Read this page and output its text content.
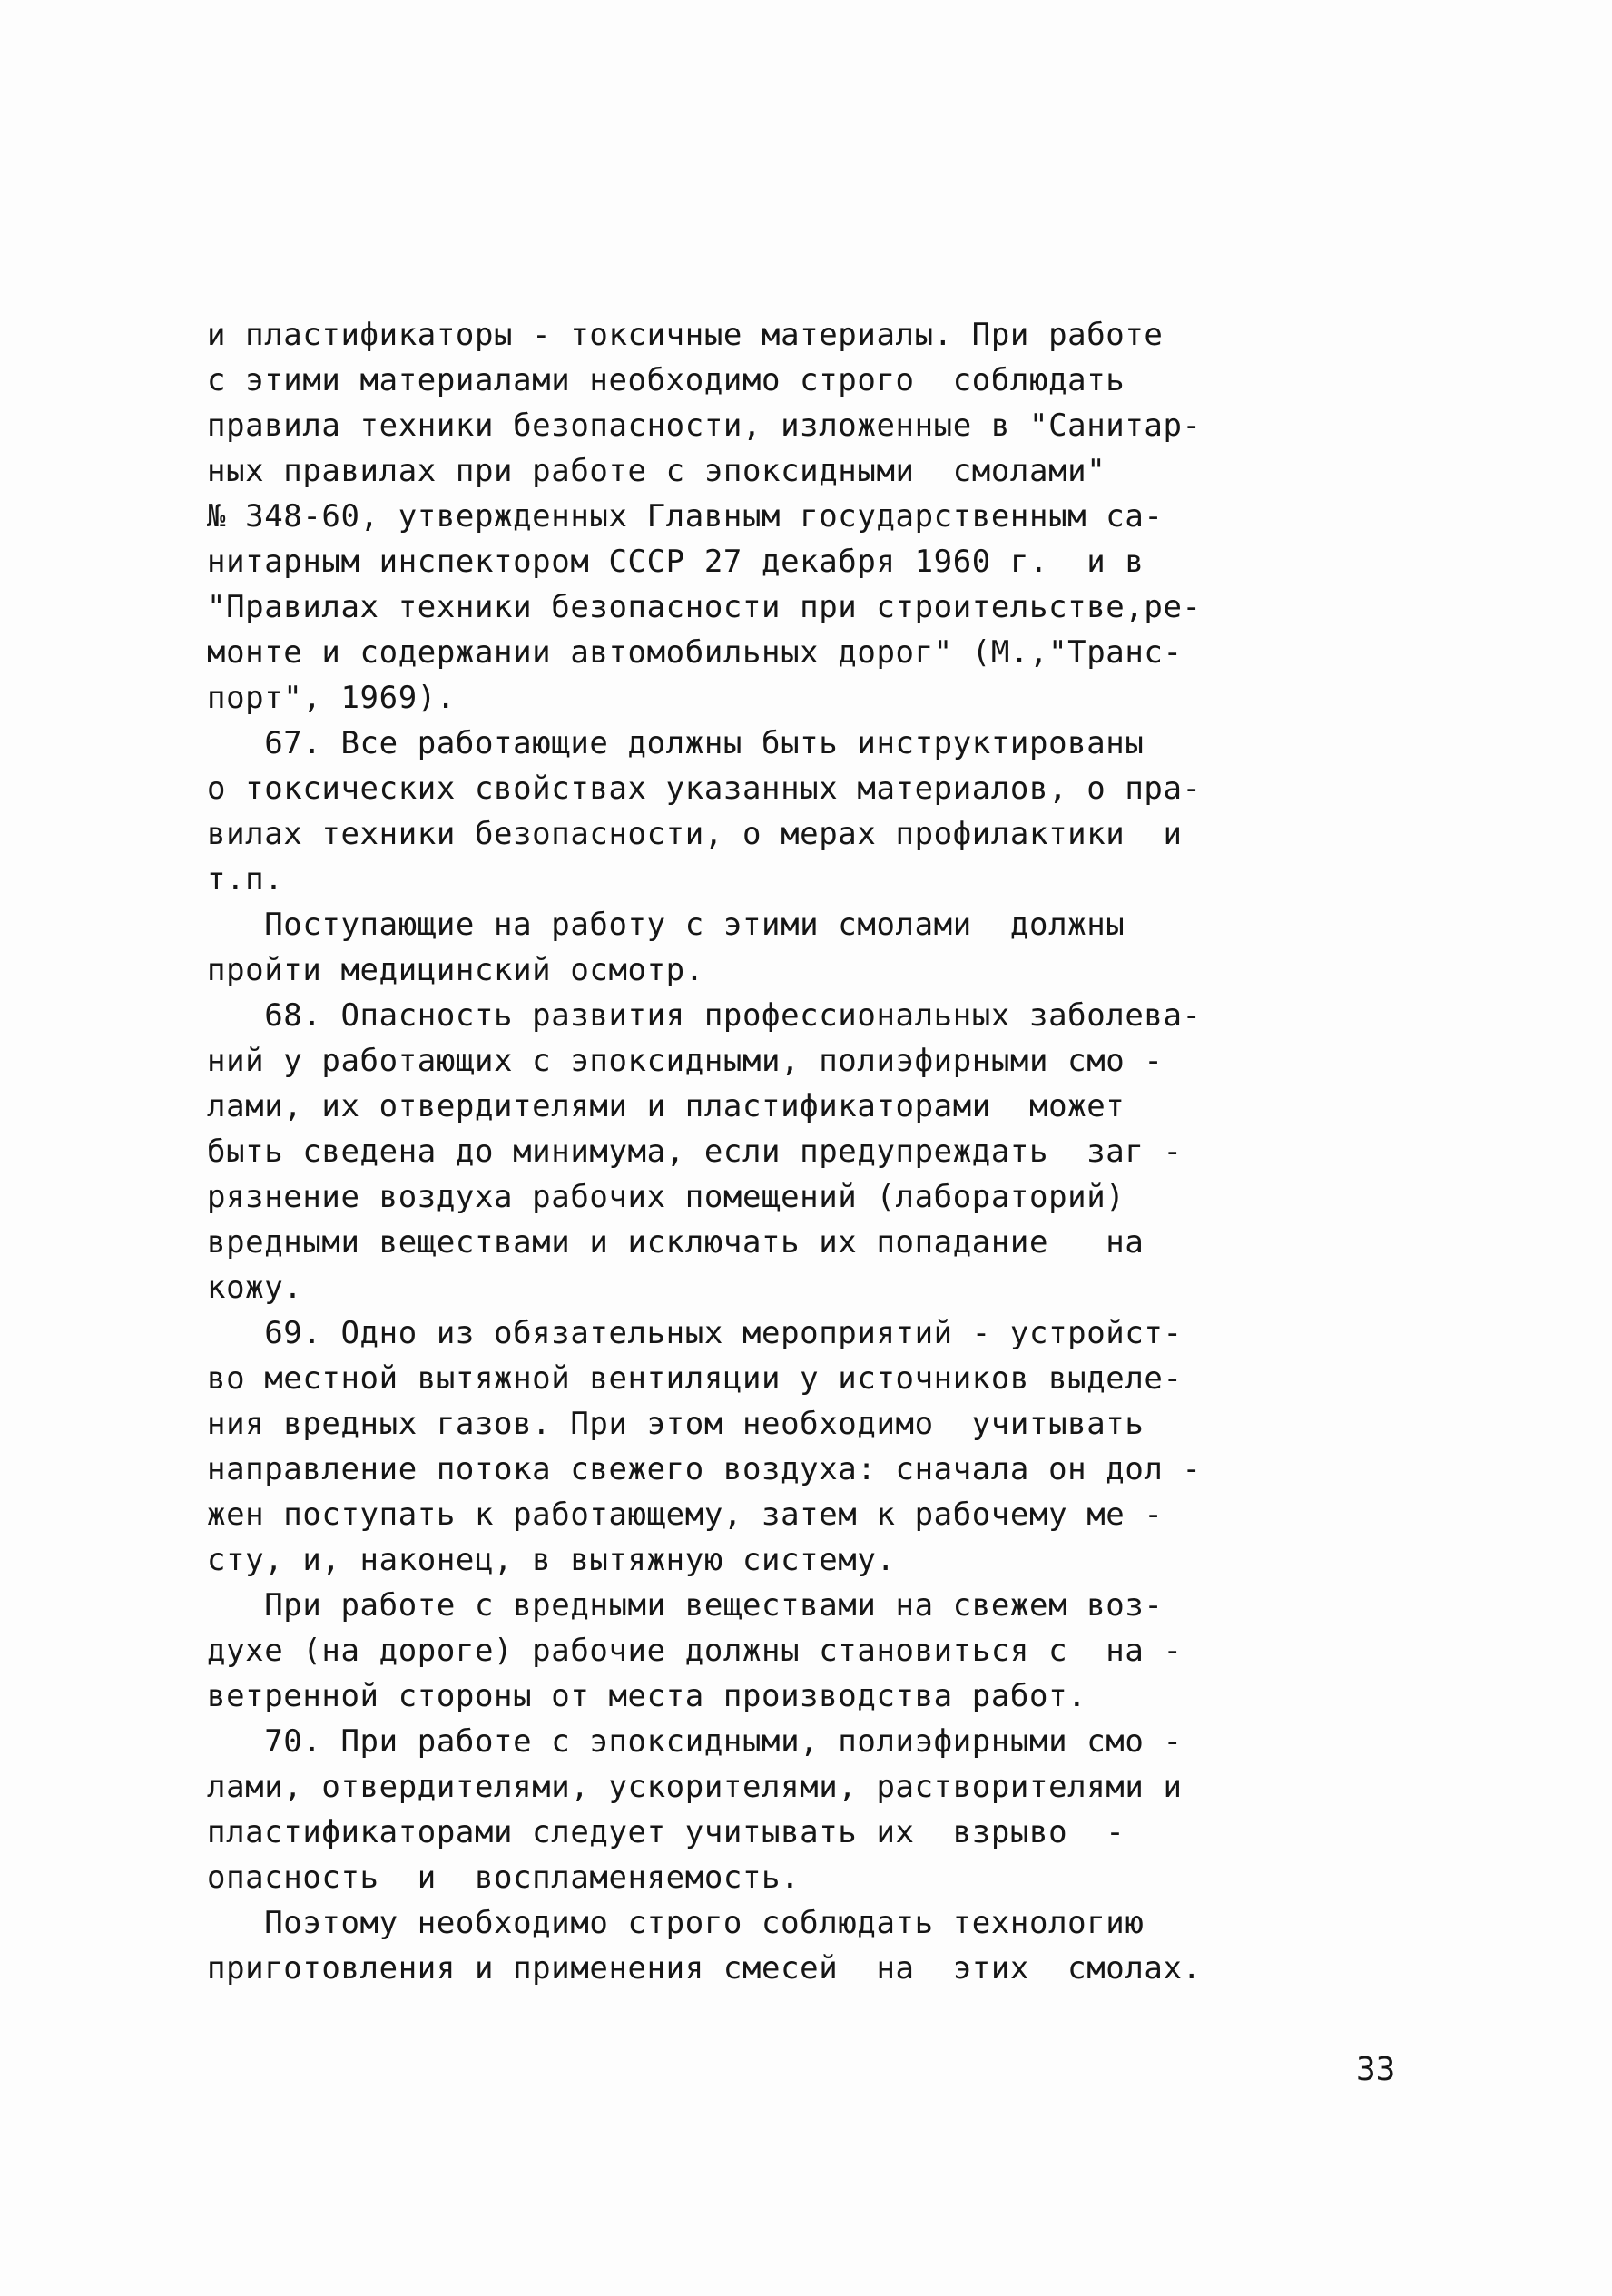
и пластификаторы - токсичные материалы. При работе
с этими материалами необходимо строго  соблюдать
правила техники безопасности, изложенные в "Санитар-
ных правилах при работе с эпоксидными  смолами"
№ 348-60, утвержденных Главным государственным са-
нитарным инспектором СССР 27 декабря 1960 г.  и в
"Правилах техники безопасности при строительстве,ре-
монте и содержании автомобильных дорог" (М.,"Транс-
порт", 1969).
67. Все работающие должны быть инструктированы
о токсических свойствах указанных материалов, о пра-
вилах техники безопасности, о мерах профилактики  и
т.п.
Поступающие на работу с этими смолами  должны
пройти медицинский осмотр.
68. Опасность развития профессиональных заболева-
ний у работающих с эпоксидными, полиэфирными смо -
лами, их отвердителями и пластификаторами  может
быть сведена до минимума, если предупреждать  заг -
рязнение воздуха рабочих помещений (лабораторий)
вредными веществами и исключать их попадание   на
кожу.
69. Одно из обязательных мероприятий - устройст-
во местной вытяжной вентиляции у источников выделе-
ния вредных газов. При этом необходимо  учитывать
направление потока свежего воздуха: сначала он дол -
жен поступать к работающему, затем к рабочему ме -
сту, и, наконец, в вытяжную систему.
При работе с вредными веществами на свежем воз-
духе (на дороге) рабочие должны становиться с  на -
ветренной стороны от места производства работ.
70. При работе с эпоксидными, полиэфирными смо -
лами, отвердителями, ускорителями, растворителями и
пластификаторами следует учитывать их  взрыво  -
опасность  и  воспламеняемость.
Поэтому необходимо строго соблюдать технологию
приготовления и применения смесей  на  этих  смолах.
33
